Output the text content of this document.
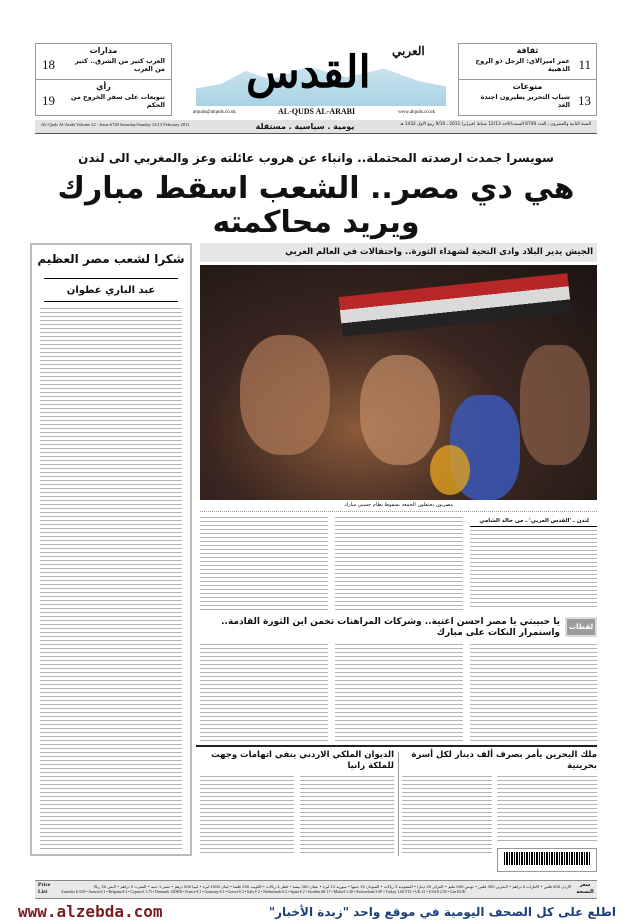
مدارات
العرب كثير من الشرق.. كثير من الغرب
18
رأي
تنويعات على سفر الخروج من الحكم
19
ثقافة
عمر اميرالاي: الرجل ذو الروح الذهبية 11
منوعات
شباب التحرير يطيرون اجندة الغد 13
القدس العربي
AL-QUDS AL-ARABI
alquds@alquds.co.uk	www.alquds.co.uk
AL-Quds Al-Arabi Volume 22 - Issue 6740 Saturday/Sunday 12/13 February 2011	يومية . سياسية . مستقلة	السنة الثانية والعشرون ـ العدد 6740 السبت/الاحد 12/13 شباط (فبراير) 2011 ـ 9/10 ربيع الاول 1432 هـ
سويسرا جمدت ارصدته المحتملة.. وانباء عن هروب عائلته وعز والمغربي الى لندن
هي دي مصر.. الشعب اسقط مبارك ويريد محاكمته
شكرا لشعب مصر العظيم
عبد الباري عطوان
الجيش يدير البلاد وادى التحية لشهداء الثورة.. واحتفالات في العالم العربي
مصريون يحتفلون الجمعة بسقوط نظام حسني مبارك
لندن ـ 'القدس العربي' ـ من خالد الشامي
لقطات
يا حبيبتي يا مصر احسن اغنية.. وشركات المراهنات تخمن اين الثورة القادمة.. واستمرار النكات على مبارك
ملك البحرين يأمر بصرف ألف دينار لكل أسرة بحرينية
الديوان الملكي الاردني ينفي اتهامات وجهت للملكة رانيا
Price List
سعر النسخة
الاردن 400 فلس • الامارات 4 دراهم • البحرين 300 فلس • تونس 900 مليم • الجزائر 20 دينارا • السعودية 3 ريالات • السودان 15 جنيها • سورية 12 ليرة • عمان 300 بيسة • قطر 4 ريالات • الكويت 250 فلسا • لبنان 1500 ليرة • ليبيا 500 درهم • مصر 1 جنيه • المغرب 5 دراهم • اليمن 50 ريالا
Australia $.3.00 • Austria € 2 • Belgium € 2 • Cyprus € 1.75 • Denmark 12DKR • France € 2 • Germany € 2 • Greece € 2 • Italy € 2 • Netherlands € 2 • Spain € 2 • Sweden SK 17 • Malta € 1.40 • Switzerland 3 SF • Turkey 1.60 YTL • UK £1 • USA $ 2.50 • Can $2.00
www.alzebda.com	اطلع على كل الصحف اليومية في موقع واحد "زبدة الأخبار"
